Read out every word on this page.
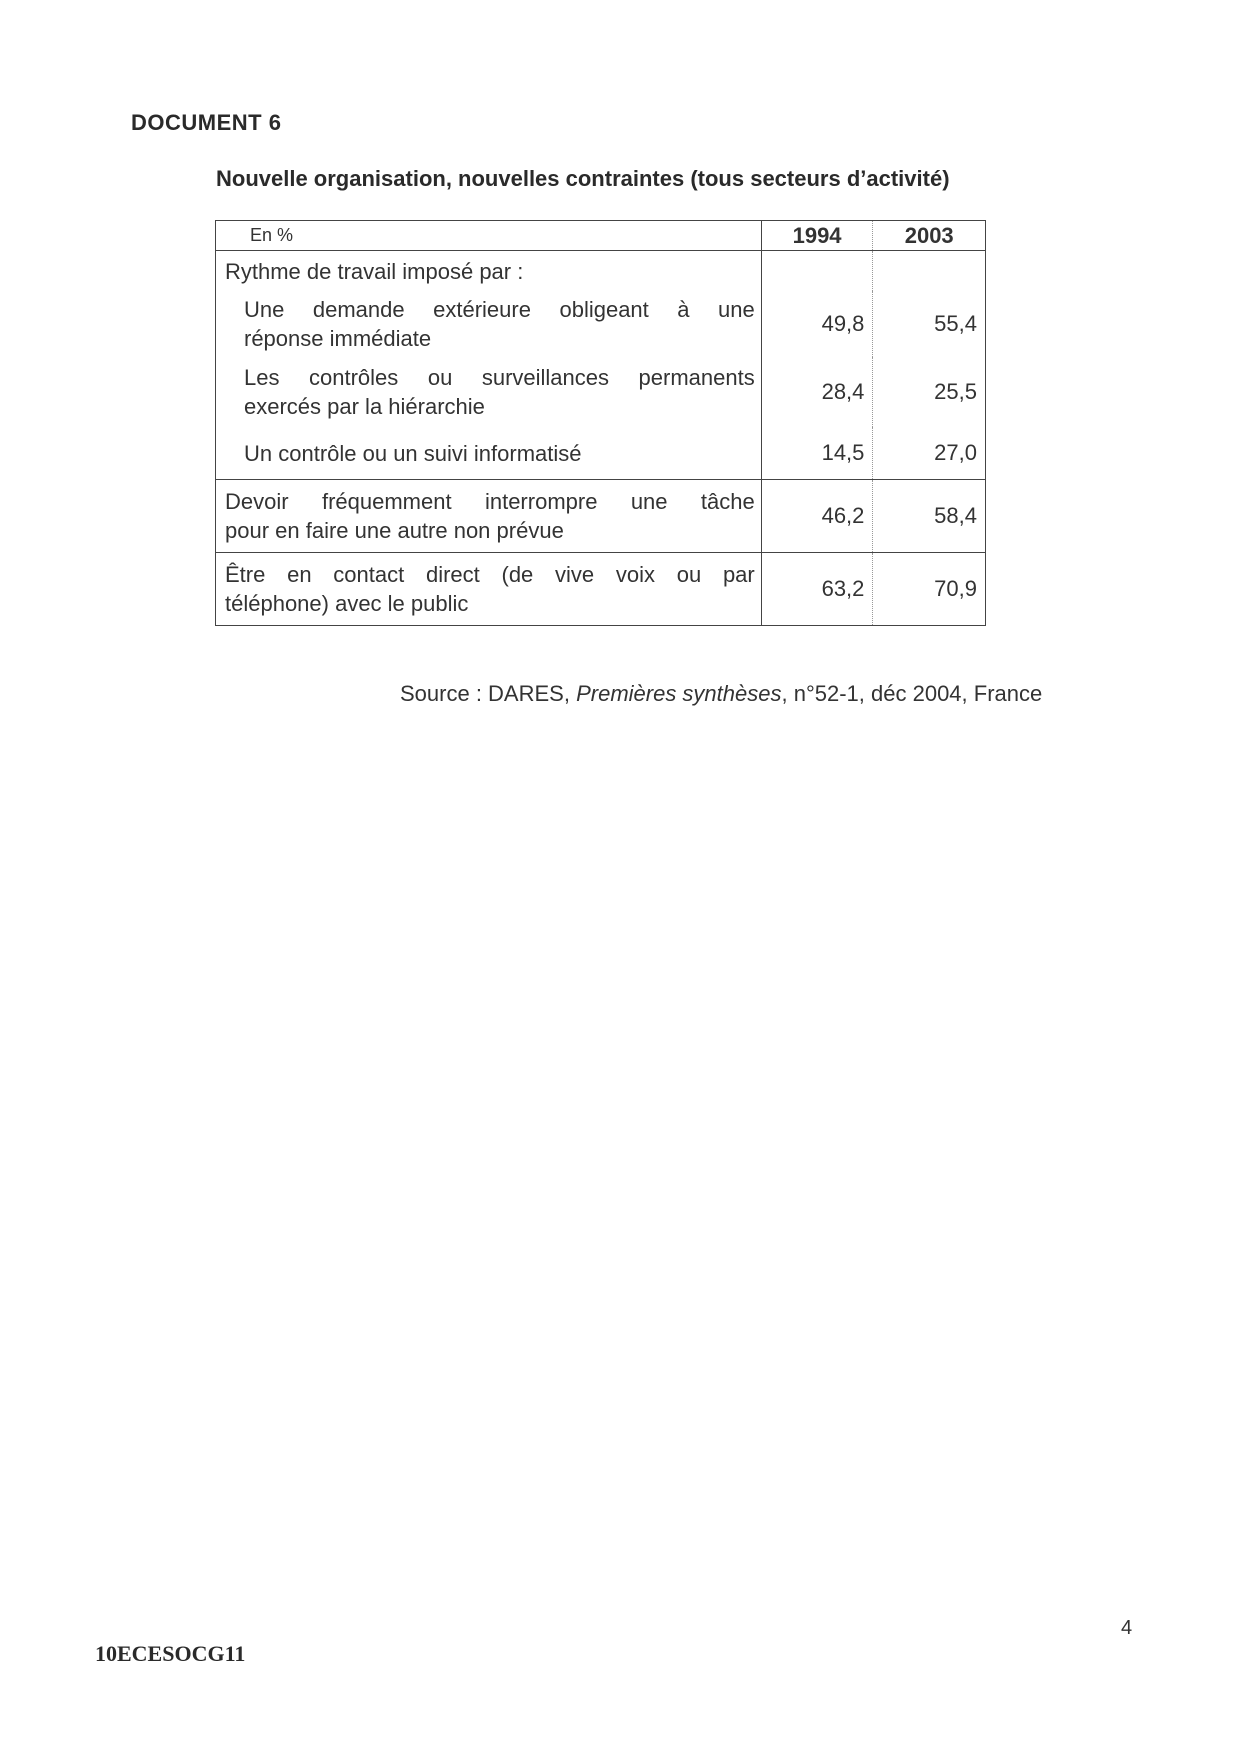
DOCUMENT 6
Nouvelle organisation, nouvelles contraintes (tous secteurs d’activité)
En %	1994	2003
Rythme de travail imposé par :		

Une demande extérieure obligeant à une
réponse immédiate	49,8	55,4

Les contrôles ou surveillances permanents
exercés par la hiérarchie	28,4	25,5

Un contrôle ou un suivi informatisé	14,5	27,0

Devoir fréquemment interrompre une tâche
pour en faire une autre non prévue	46,2	58,4

Être en contact direct (de vive voix ou par
téléphone) avec le public	63,2	70,9
Source : DARES, Premières synthèses, n°52-1, déc 2004, France
10ECESOCG11
4
